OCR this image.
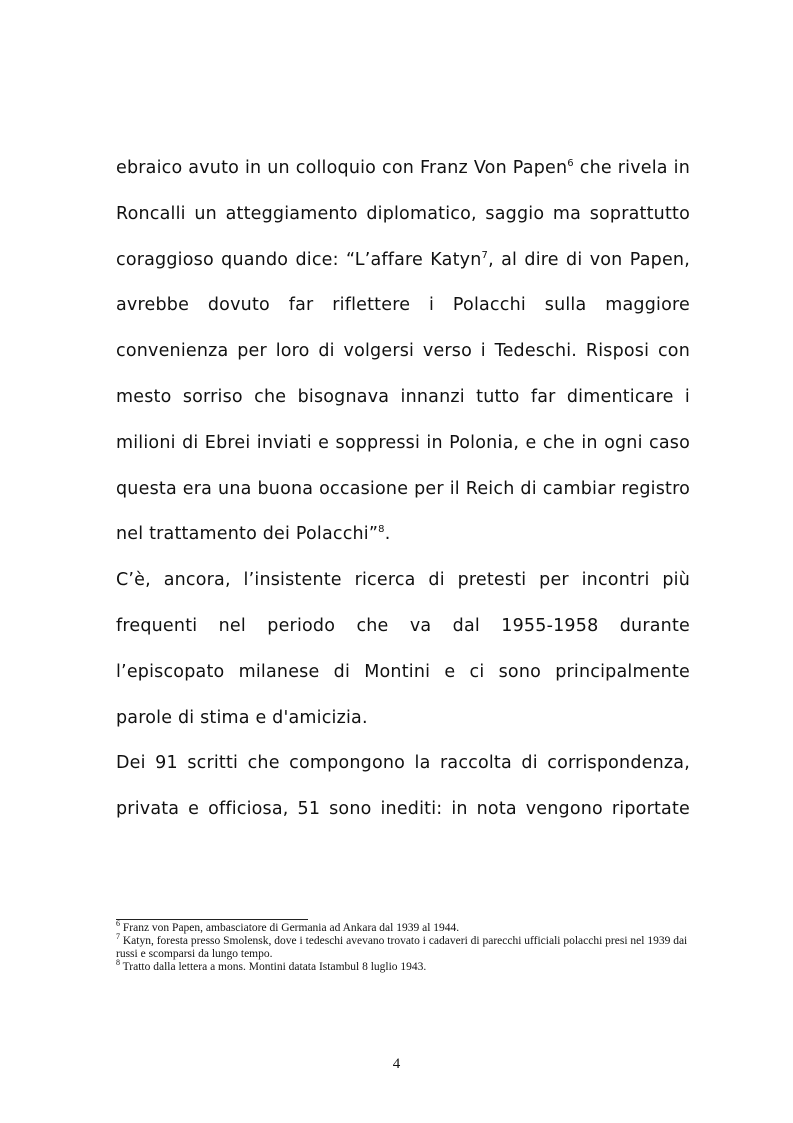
ebraico avuto in un colloquio con Franz Von Papen$^6$ che rivela in Roncalli un atteggiamento diplomatico, saggio ma soprattutto coraggioso quando dice: “L’affare Katyn$^7$, al dire di von Papen, avrebbe dovuto far riflettere i Polacchi sulla maggiore convenienza per loro di volgersi verso i Tedeschi. Risposi con mesto sorriso che bisognava innanzi tutto far dimenticare i milioni di Ebrei inviati e soppressi in Polonia, e che in ogni caso questa era una buona occasione per il Reich di cambiar registro nel trattamento dei Polacchi”$^8$.

C’è, ancora, l’insistente ricerca di pretesti per incontri più frequenti nel periodo che va dal 1955-1958 durante l’episcopato milanese di Montini e ci sono principalmente parole di stima e d'amicizia.

Dei 91 scritti che compongono la raccolta di corrispondenza, privata e officiosa, 51 sono inediti: in nota vengono riportate

$^6$ Franz von Papen, ambasciatore di Germania ad Ankara dal 1939 al 1944.

$^7$ Katyn, foresta presso Smolensk, dove i tedeschi avevano trovato i cadaveri di parecchi ufficiali polacchi presi nel 1939 dai russi e scomparsi da lungo tempo.

$^8$ Tratto dalla lettera a mons. Montini datata Istambul 8 luglio 1943.

4
